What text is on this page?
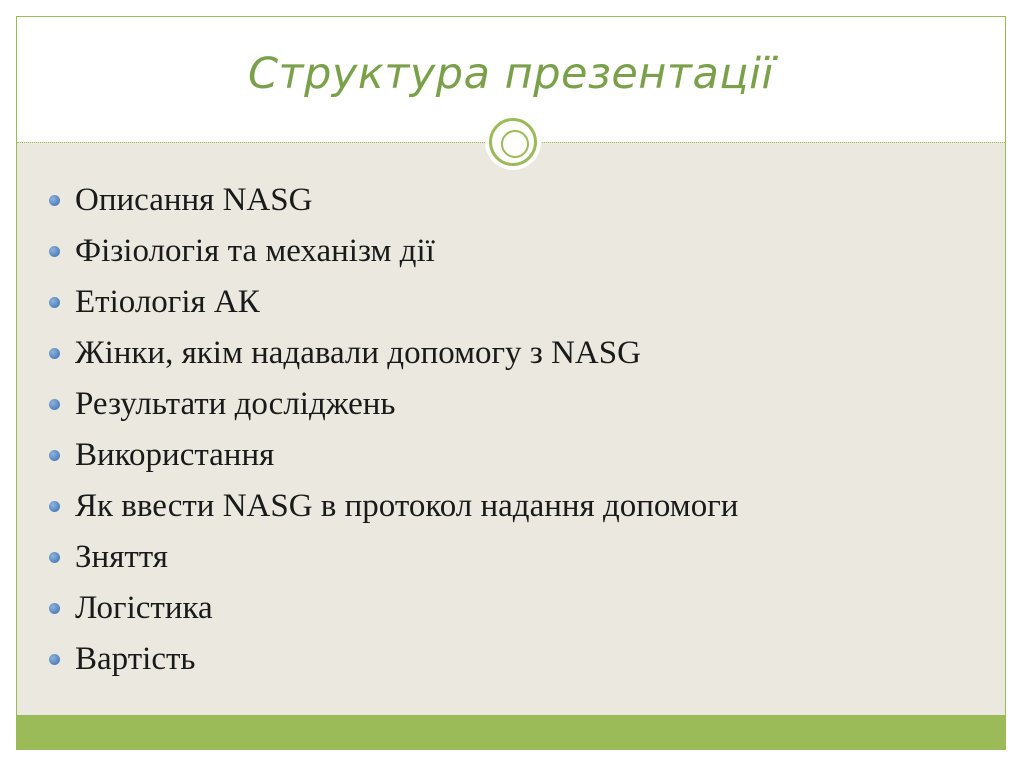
Структура презентації
Описання NASG
Фізіологія та механізм дії
Етіологія АК
Жінки, якім надавали допомогу з NASG
Результати досліджень
Використання
Як ввести NASG в протокол надання допомоги
Зняття
Логістика
Вартість
